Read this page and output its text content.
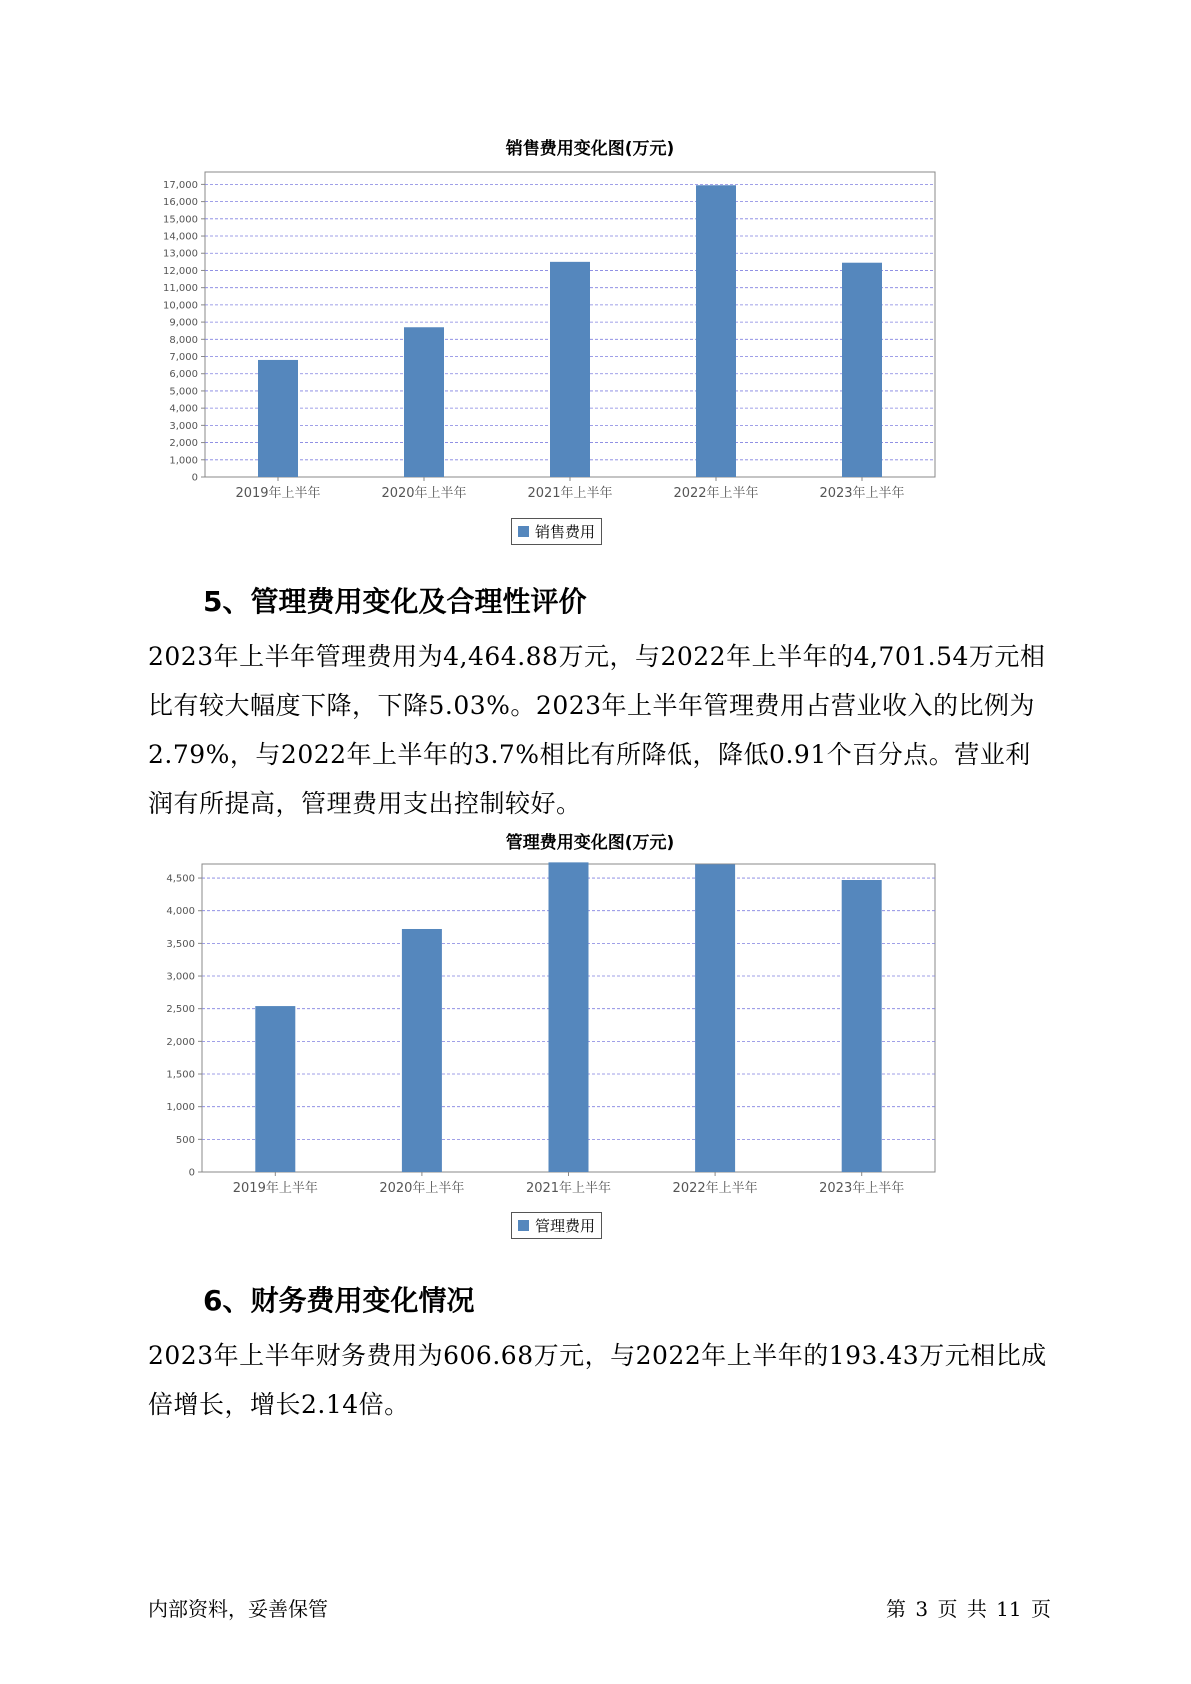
销售费用变化图(万元)
0
1,000
2,000
3,000
4,000
5,000
6,000
7,000
8,000
9,000
10,000
11,000
12,000
13,000
14,000
15,000
16,000
17,000
2019年上半年	2020年上半年	2021年上半年	2022年上半年	2023年上半年
销售费用
5、管理费用变化及合理性评价

2023年上半年管理费用为4,464.88万元，与2022年上半年的4,701.54万元相比有较大幅度下降，下降5.03%。2023年上半年管理费用占营业收入的比例为2.79%，与2022年上半年的3.7%相比有所降低，降低0.91个百分点。营业利润有所提高，管理费用支出控制较好。

管理费用变化图(万元)
0
500
1,000
1,500
2,000
2,500
3,000
3,500
4,000
4,500
2019年上半年	2020年上半年	2021年上半年	2022年上半年	2023年上半年
管理费用
6、财务费用变化情况

2023年上半年财务费用为606.68万元，与2022年上半年的193.43万元相比成倍增长，增长2.14倍。

内部资料，妥善保管	第 3 页 共 11 页
